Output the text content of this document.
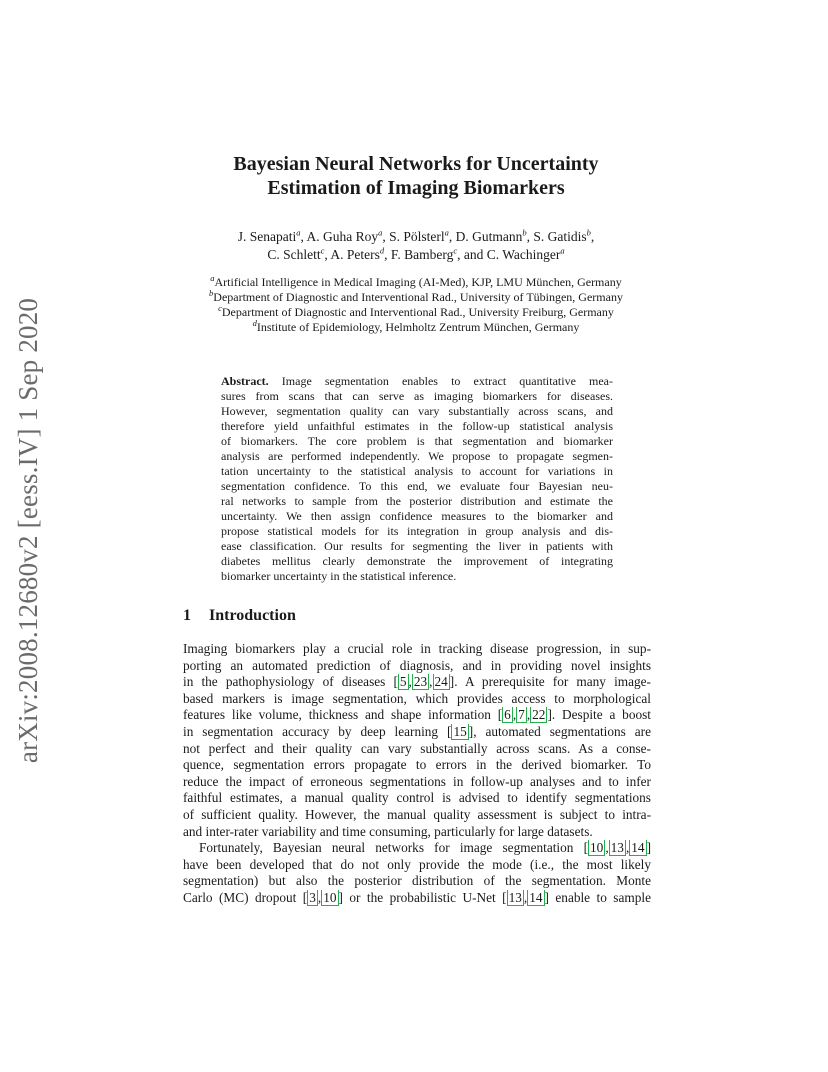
arXiv:2008.12680v2 [eess.IV] 1 Sep 2020
Bayesian Neural Networks for Uncertainty
Estimation of Imaging Biomarkers
J. Senapati$^a$, A. Guha Roy$^a$, S. Pölsterl$^a$, D. Gutmann$^b$, S. Gatidis$^b$,
C. Schlett$^c$, A. Peters$^d$, F. Bamberg$^c$, and C. Wachinger$^a$
$^a$Artificial Intelligence in Medical Imaging (AI-Med), KJP, LMU München, Germany
$^b$Department of Diagnostic and Interventional Rad., University of Tübingen, Germany
$^c$Department of Diagnostic and Interventional Rad., University Freiburg, Germany
$^d$Institute of Epidemiology, Helmholtz Zentrum München, Germany
Abstract. Image segmentation enables to extract quantitative mea-
sures from scans that can serve as imaging biomarkers for diseases.
However, segmentation quality can vary substantially across scans, and
therefore yield unfaithful estimates in the follow-up statistical analysis
of biomarkers. The core problem is that segmentation and biomarker
analysis are performed independently. We propose to propagate segmen-
tation uncertainty to the statistical analysis to account for variations in
segmentation confidence. To this end, we evaluate four Bayesian neu-
ral networks to sample from the posterior distribution and estimate the
uncertainty. We then assign confidence measures to the biomarker and
propose statistical models for its integration in group analysis and dis-
ease classification. Our results for segmenting the liver in patients with
diabetes mellitus clearly demonstrate the improvement of integrating
biomarker uncertainty in the statistical inference.
1 Introduction
Imaging biomarkers play a crucial role in tracking disease progression, in sup-
porting an automated prediction of diagnosis, and in providing novel insights
in the pathophysiology of diseases [ 5 , 23 , 24 ]. A prerequisite for many image-
based markers is image segmentation, which provides access to morphological
features like volume, thickness and shape information [ 6 , 7 , 22 ]. Despite a boost
in segmentation accuracy by deep learning [ 15 ], automated segmentations are
not perfect and their quality can vary substantially across scans. As a conse-
quence, segmentation errors propagate to errors in the derived biomarker. To
reduce the impact of erroneous segmentations in follow-up analyses and to infer
faithful estimates, a manual quality control is advised to identify segmentations
of sufficient quality. However, the manual quality assessment is subject to intra-
and inter-rater variability and time consuming, particularly for large datasets.
Fortunately, Bayesian neural networks for image segmentation [ 10 , 13 , 14 ]
have been developed that do not only provide the mode (i.e., the most likely
segmentation) but also the posterior distribution of the segmentation. Monte
Carlo (MC) dropout [ 3 , 10 ] or the probabilistic U-Net [ 13 , 14 ] enable to sample
